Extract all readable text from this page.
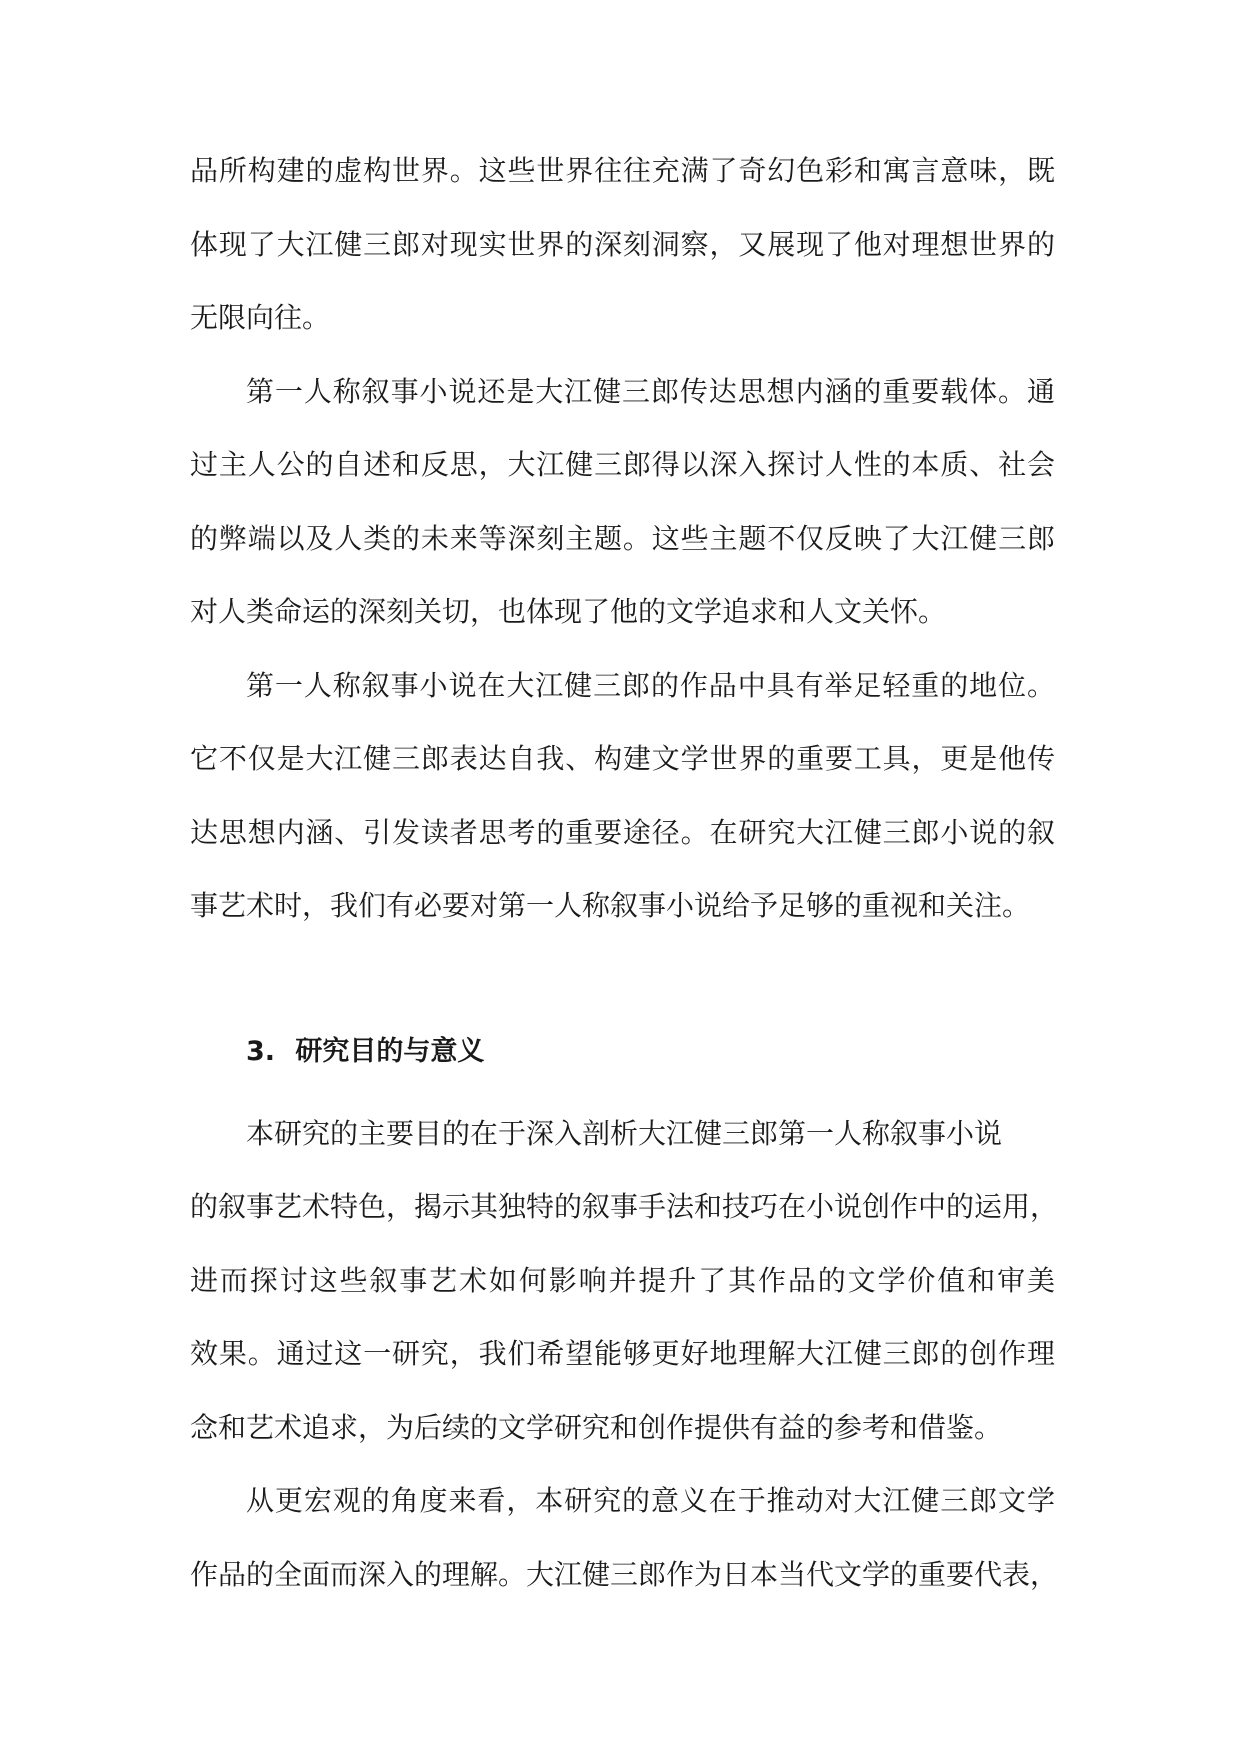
品所构建的虚构世界。这些世界往往充满了奇幻色彩和寓言意味，既
体现了大江健三郎对现实世界的深刻洞察，又展现了他对理想世界的
无限向往。
第一人称叙事小说还是大江健三郎传达思想内涵的重要载体。通
过主人公的自述和反思，大江健三郎得以深入探讨人性的本质、社会
的弊端以及人类的未来等深刻主题。这些主题不仅反映了大江健三郎
对人类命运的深刻关切，也体现了他的文学追求和人文关怀。
第一人称叙事小说在大江健三郎的作品中具有举足轻重的地位。
它不仅是大江健三郎表达自我、构建文学世界的重要工具，更是他传
达思想内涵、引发读者思考的重要途径。在研究大江健三郎小说的叙
事艺术时，我们有必要对第一人称叙事小说给予足够的重视和关注。
3. 研究目的与意义
本研究的主要目的在于深入剖析大江健三郎第一人称叙事小说
的叙事艺术特色，揭示其独特的叙事手法和技巧在小说创作中的运用，
进而探讨这些叙事艺术如何影响并提升了其作品的文学价值和审美
效果。通过这一研究，我们希望能够更好地理解大江健三郎的创作理
念和艺术追求，为后续的文学研究和创作提供有益的参考和借鉴。
从更宏观的角度来看，本研究的意义在于推动对大江健三郎文学
作品的全面而深入的理解。大江健三郎作为日本当代文学的重要代表，
